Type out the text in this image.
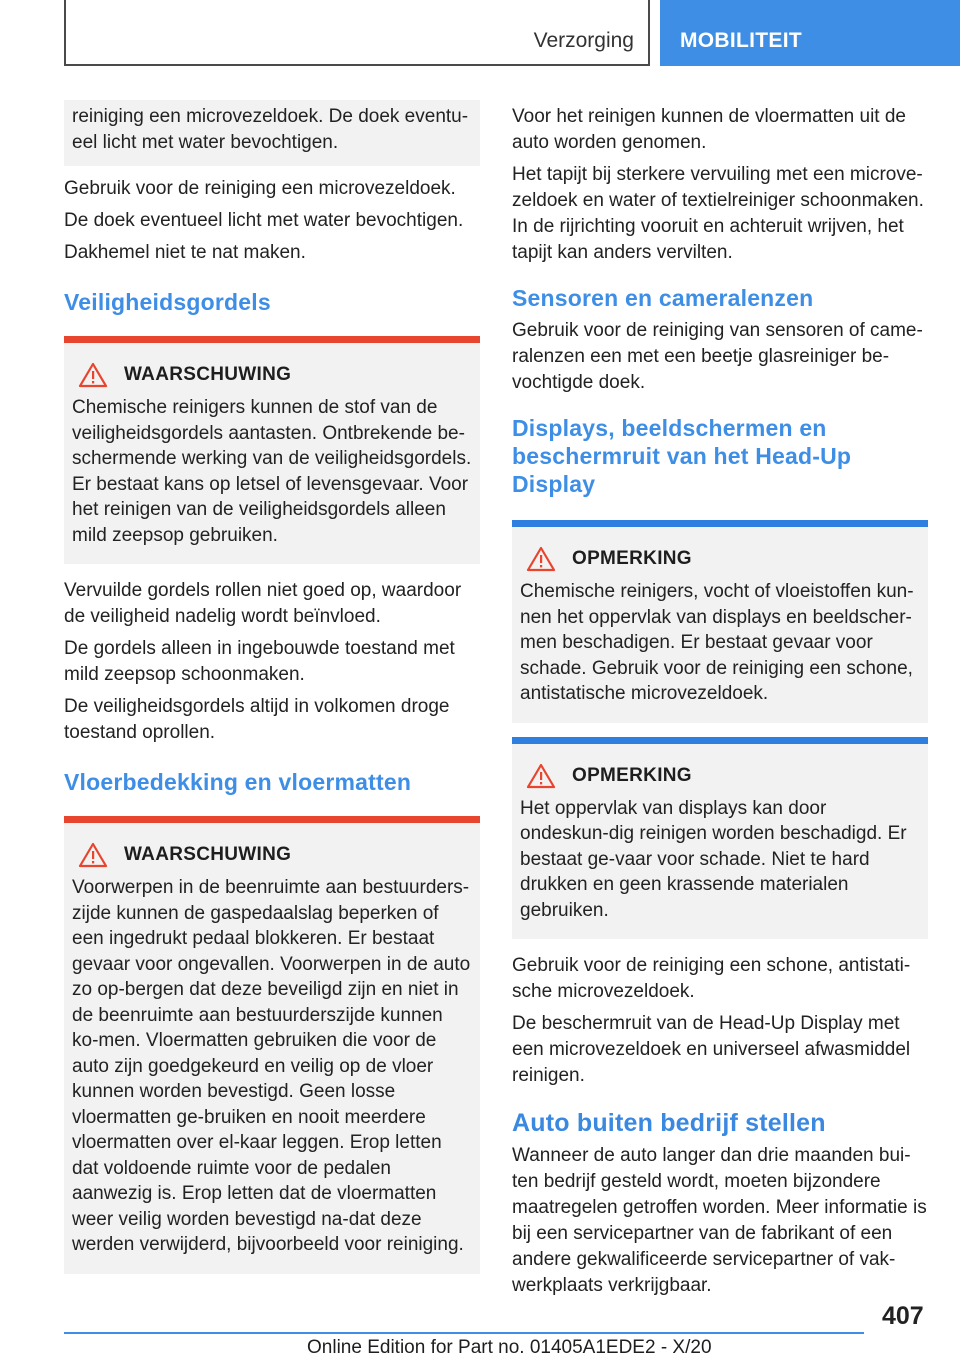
Verzorging MOBILITEIT

reiniging een microvezeldoek. De doek eventu-eel licht met water bevochtigen.

Gebruik voor de reiniging een microvezeldoek.

De doek eventueel licht met water bevochtigen.

Dakhemel niet te nat maken.

Veiligheidsgordels
WAARSCHUWING

Chemische reinigers kunnen de stof van de veiligheidsgordels aantasten. Ontbrekende be-schermende werking van de veiligheidsgordels. Er bestaat kans op letsel of levensgevaar. Voor het reinigen van de veiligheidsgordels alleen mild zeepsop gebruiken.

Vervuilde gordels rollen niet goed op, waardoor de veiligheid nadelig wordt beïnvloed.

De gordels alleen in ingebouwde toestand met mild zeepsop schoonmaken.

De veiligheidsgordels altijd in volkomen droge toestand oprollen.

Vloerbedekking en vloermatten
WAARSCHUWING

Voorwerpen in de beenruimte aan bestuurders-zijde kunnen de gaspedaalslag beperken of een ingedrukt pedaal blokkeren. Er bestaat gevaar voor ongevallen. Voorwerpen in de auto zo op-bergen dat deze beveiligd zijn en niet in de beenruimte aan bestuurderszijde kunnen ko-men. Vloermatten gebruiken die voor de auto zijn goedgekeurd en veilig op de vloer kunnen worden bevestigd. Geen losse vloermatten ge-bruiken en nooit meerdere vloermatten over el-kaar leggen. Erop letten dat voldoende ruimte voor de pedalen aanwezig is. Erop letten dat de vloermatten weer veilig worden bevestigd na-dat deze werden verwijderd, bijvoorbeeld voor reiniging.

Voor het reinigen kunnen de vloermatten uit de auto worden genomen.

Het tapijt bij sterkere vervuiling met een microve-zeldoek en water of textielreiniger schoonmaken. In de rijrichting vooruit en achteruit wrijven, het tapijt kan anders vervilten.

Sensoren en cameralenzen

Gebruik voor de reiniging van sensoren of came-ralenzen een met een beetje glasreiniger be-vochtigde doek.

Displays, beeldschermen en beschermruit van het Head-Up Display
OPMERKING

Chemische reinigers, vocht of vloeistoffen kun-nen het oppervlak van displays en beeldscher-men beschadigen. Er bestaat gevaar voor schade. Gebruik voor de reiniging een schone, antistatische microvezeldoek.

OPMERKING

Het oppervlak van displays kan door ondeskun-dig reinigen worden beschadigd. Er bestaat ge-vaar voor schade. Niet te hard drukken en geen krassende materialen gebruiken.

Gebruik voor de reiniging een schone, antistati-sche microvezeldoek.

De beschermruit van de Head-Up Display met een microvezeldoek en universeel afwasmiddel reinigen.

Auto buiten bedrijf stellen

Wanneer de auto langer dan drie maanden bui-ten bedrijf gesteld wordt, moeten bijzondere maatregelen getroffen worden. Meer informatie is bij een servicepartner van de fabrikant of een andere gekwalificeerde servicepartner of vak-werkplaats verkrijgbaar.

407
Online Edition for Part no. 01405A1EDE2 - X/20
